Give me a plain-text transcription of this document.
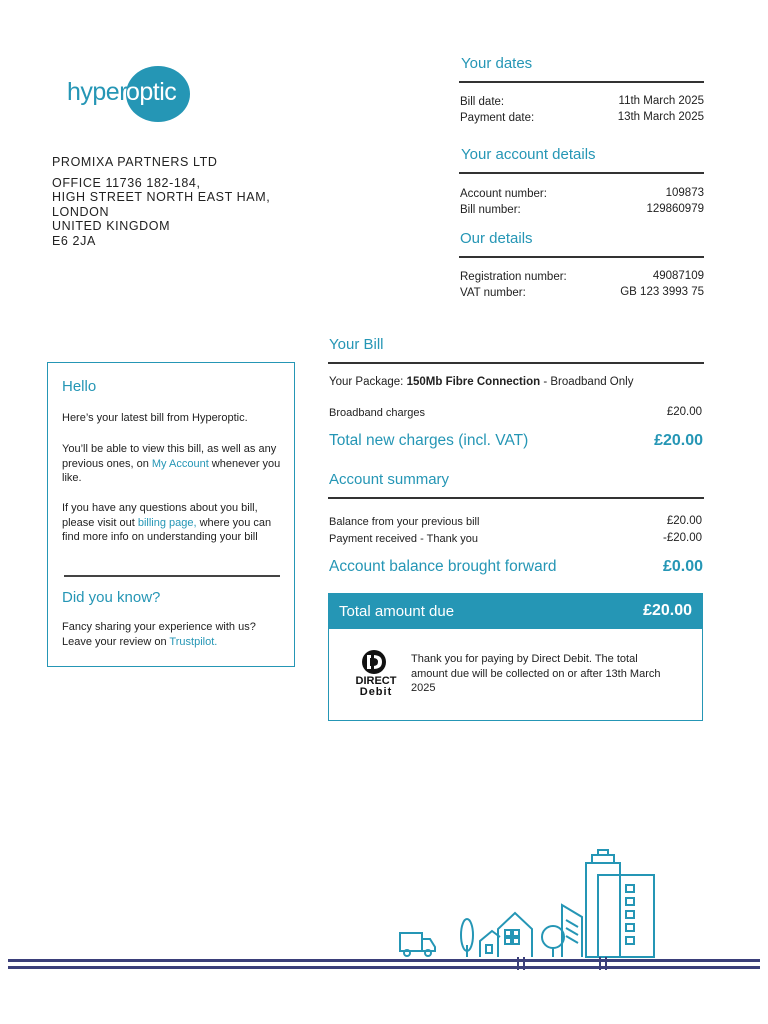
hyper
optic
PROMIXA PARTNERS LTD
OFFICE 11736 182-184,
HIGH STREET NORTH EAST HAM,
LONDON
UNITED KINGDOM
E6 2JA
Your dates
Bill date:	11th March 2025
Payment date:	13th March 2025
Your account details
Account number:	109873
Bill number:	129860979
Our details
Registration number:	49087109
VAT number:	GB 123 3993 75
Hello
Here’s your latest bill from Hyperoptic.
You’ll be able to view this bill, as well as any previous ones, on My Account whenever you like.
If you have any questions about you bill, please visit out billing page, where you can find more info on understanding your bill
Did you know?
Fancy sharing your experience with us? Leave your review on Trustpilot.
Your Bill
Your Package: 150Mb Fibre Connection - Broadband Only
Broadband charges	£20.00
Total new charges (incl. VAT)	£20.00
Account summary
Balance from your previous bill	£20.00
Payment received - Thank you	-£20.00
Account balance brought forward	£0.00
Total amount due	£20.00
DIRECT
Debit
Thank you for paying by Direct Debit. The total amount due will be collected on or after 13th March 2025
